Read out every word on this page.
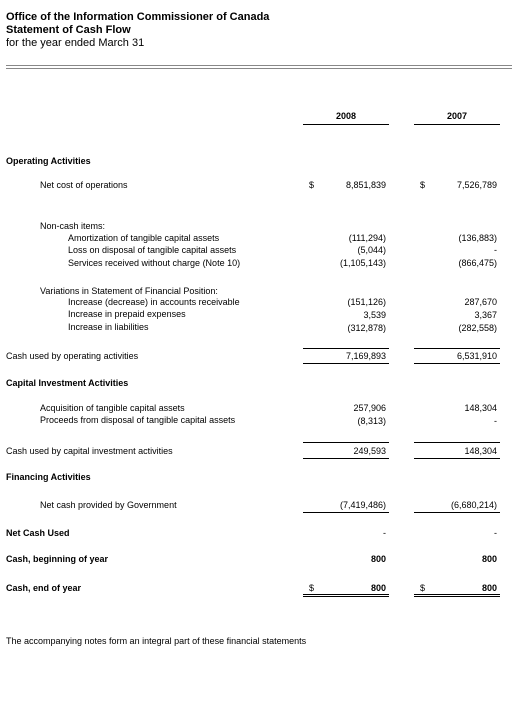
Office of the Information Commissioner of Canada
Statement of Cash Flow
for the year ended March 31
2008	2007
Operating Activities
Net cost of operations	$	8,851,839	$	7,526,789
Non-cash items:
Amortization of tangible capital assets	(111,294)	(136,883)
Loss on disposal of tangible capital assets	(5,044)	-
Services received without charge (Note 10)	(1,105,143)	(866,475)
Variations in Statement of Financial Position:
Increase (decrease) in accounts receivable	(151,126)	287,670
Increase in prepaid expenses	3,539	3,367
Increase in liabilities	(312,878)	(282,558)
Cash used by operating activities	7,169,893	6,531,910
Capital Investment Activities
Acquisition of tangible capital assets	257,906	148,304
Proceeds from disposal of tangible capital assets	(8,313)	-
Cash used by capital investment activities	249,593	148,304
Financing Activities
Net cash provided by Government	(7,419,486)	(6,680,214)
Net Cash Used	-	-
Cash, beginning of year	800	800
Cash, end of year	$	800	$	800
The accompanying notes form an integral part of these financial statements
